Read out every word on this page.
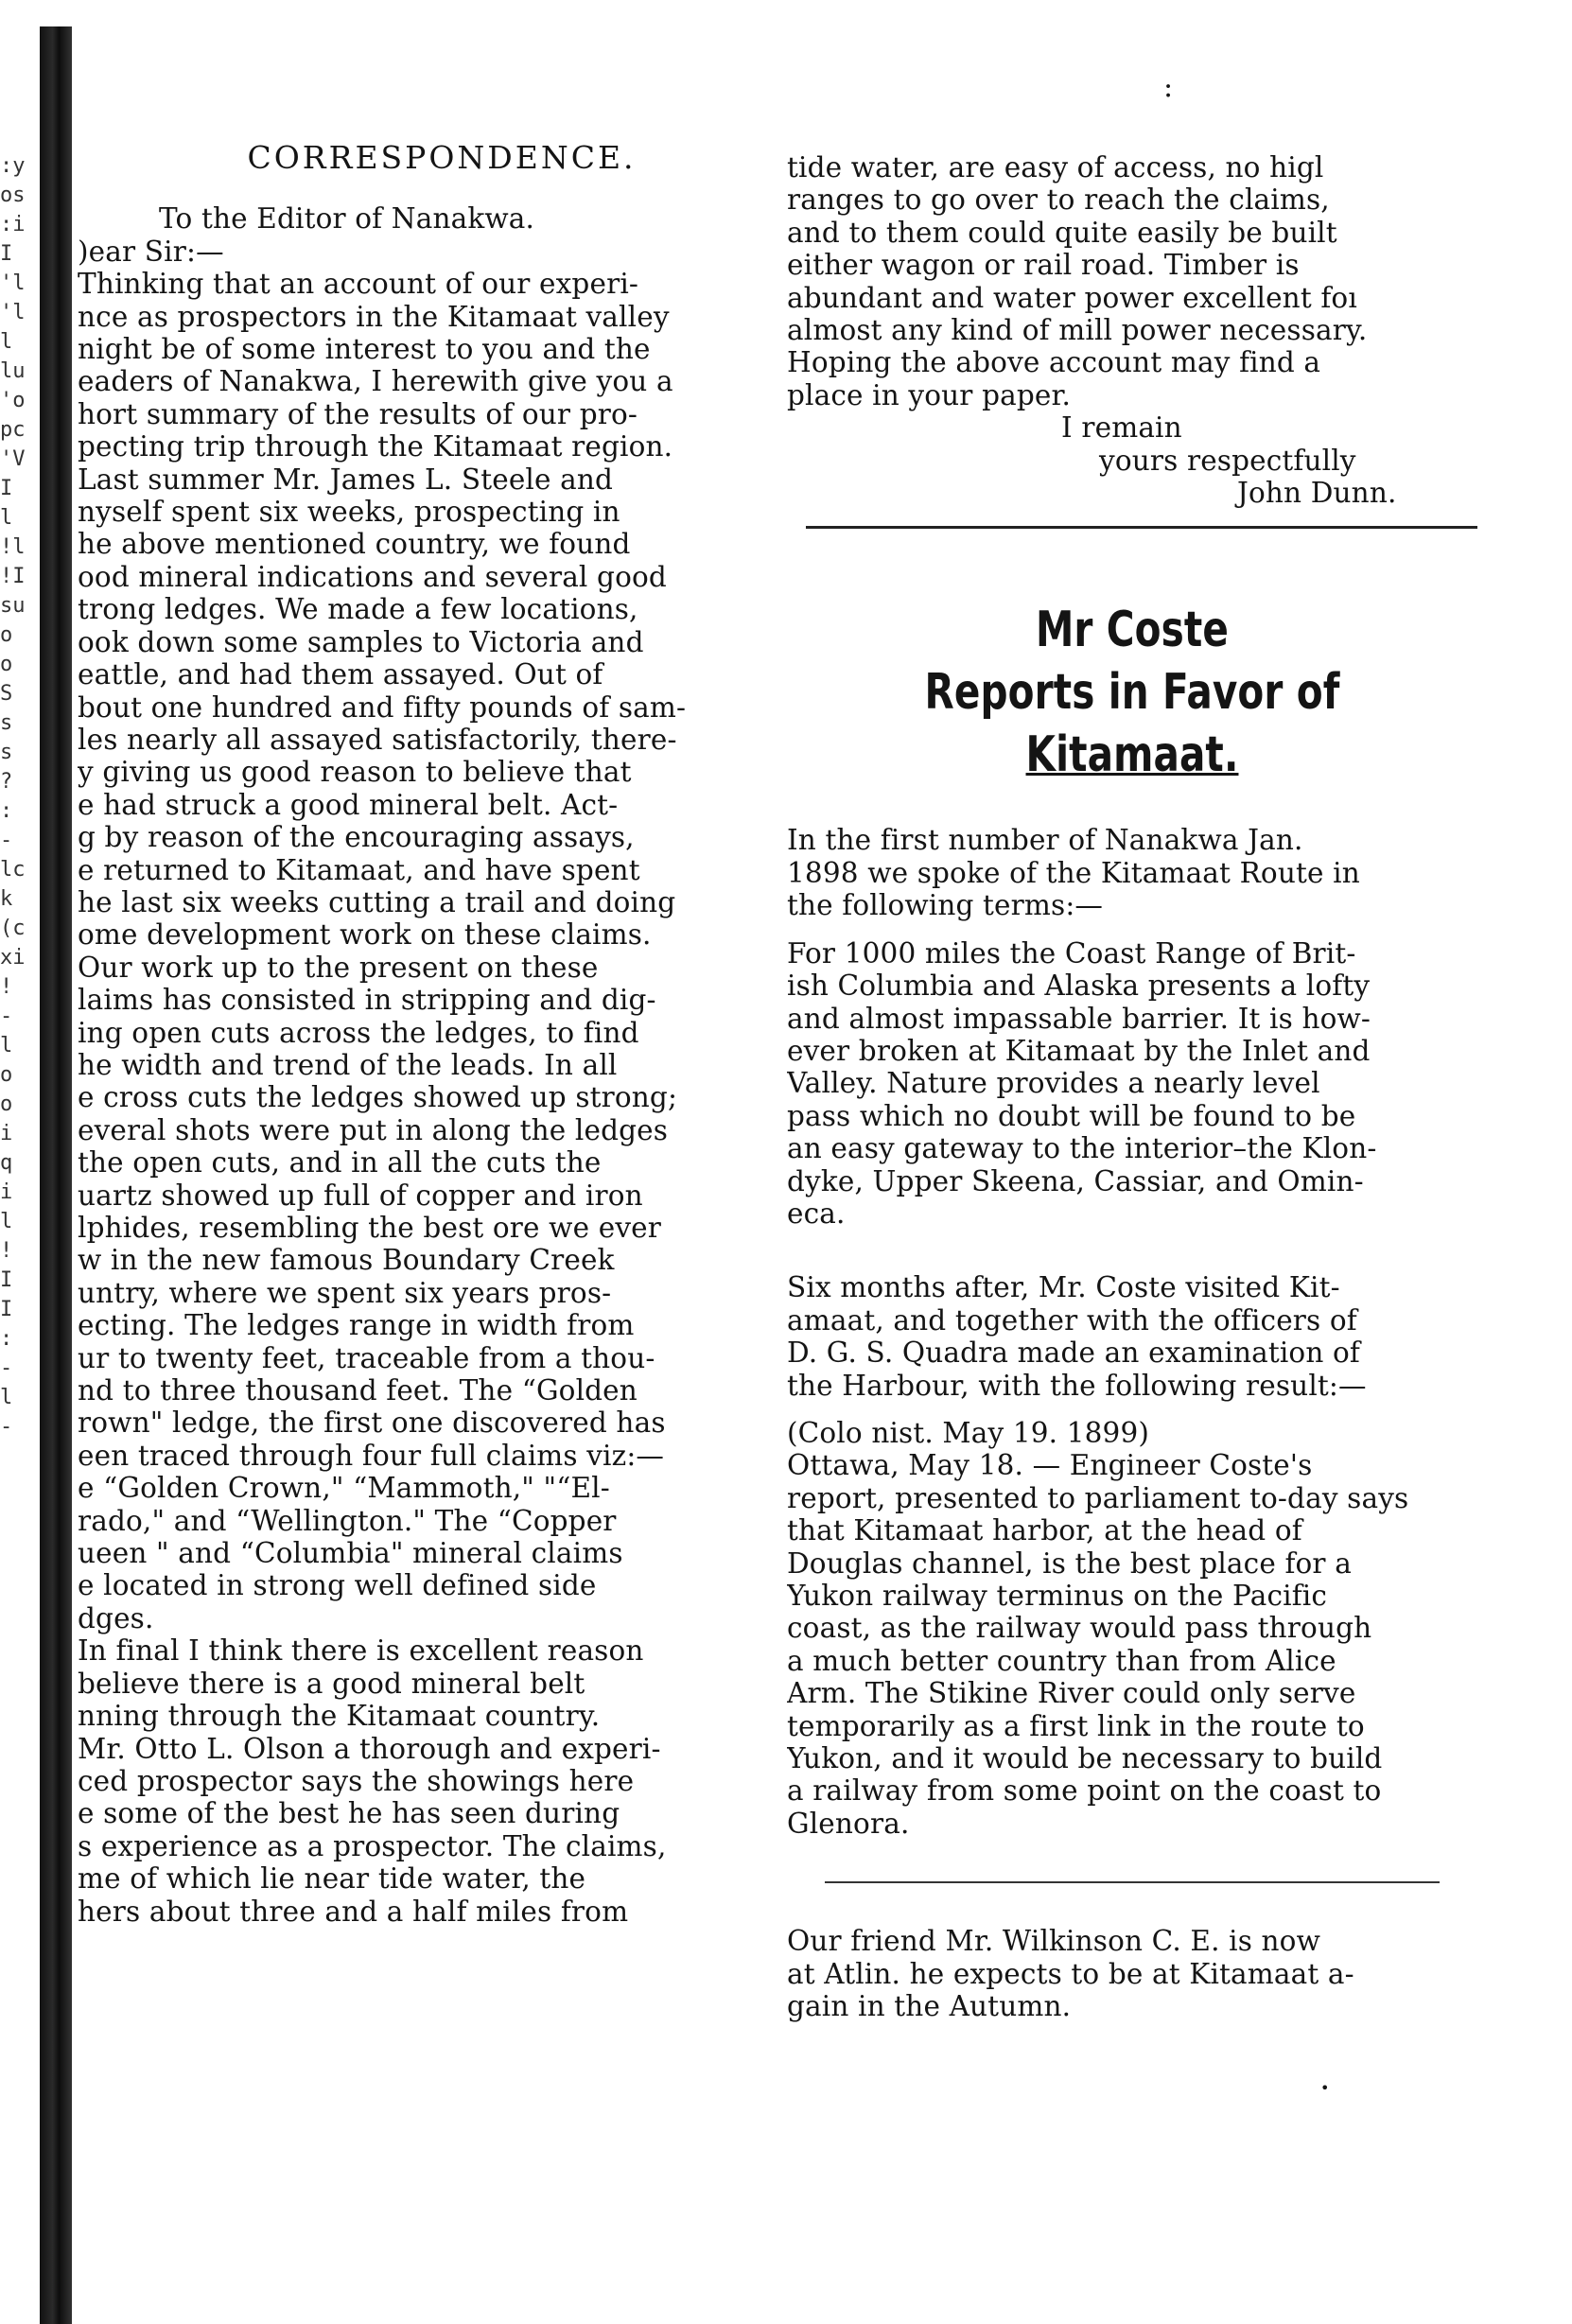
:
•
:y
os
:i
I
'l
'l
l
lu
'o
pc
'V
I
l
!l
!I
su
o
o
S
s
s
?
:
-
lc
k
(c
xi
!
-
l
o
o
i
q
i
l
!
I
I
:
-
l
-
CORRESPONDENCE.

To the Editor of Nanakwa.

)ear Sir:—

Thinking that an account of our experi-
nce as prospectors in the Kitamaat valley
night be of some interest to you and the
eaders of Nanakwa, I herewith give you a
hort summary of the results of our pro-
pecting trip through the Kitamaat region.
Last summer Mr. James L. Steele and
nyself spent six weeks, prospecting in
he above mentioned country, we found
ood mineral indications and several good
trong ledges. We made a few locations,
ook down some samples to Victoria and
eattle, and had them assayed. Out of
bout one hundred and fifty pounds of sam-
les nearly all assayed satisfactorily, there-
y giving us good reason to believe that
e had struck a good mineral belt. Act-
g by reason of the encouraging assays,
e returned to Kitamaat, and have spent
he last six weeks cutting a trail and doing
ome development work on these claims.
Our work up to the present on these
laims has consisted in stripping and dig-
ing open cuts across the ledges, to find
he width and trend of the leads. In all
e cross cuts the ledges showed up strong;
everal shots were put in along the ledges
the open cuts, and in all the cuts the
uartz showed up full of copper and iron
lphides, resembling the best ore we ever
w in the new famous Boundary Creek
untry, where we spent six years pros-
ecting. The ledges range in width from
ur to twenty feet, traceable from a thou-
nd to three thousand feet. The “Golden
rown" ledge, the first one discovered has
een traced through four full claims viz:—
e “Golden Crown," “Mammoth," "“El-
rado," and “Wellington." The “Copper
ueen " and “Columbia" mineral claims
e located in strong well defined side
dges.
In final I think there is excellent reason
believe there is a good mineral belt
nning through the Kitamaat country.
Mr. Otto L. Olson a thorough and experi-
ced prospector says the showings here
e some of the best he has seen during
s experience as a prospector. The claims,
me of which lie near tide water, the
hers about three and a half miles from

tide water, are easy of access, no higl
ranges to go over to reach the claims,
and to them could quite easily be built
either wagon or rail road. Timber is
abundant and water power excellent foı
almost any kind of mill power necessary.
Hoping the above account may find a
place in your paper.

I remain

yours respectfully

John Dunn.

Mr Coste
Reports in Favor of
Kitamaat.

In the first number of Nanakwa Jan.
1898 we spoke of the Kitamaat Route in
the following terms:—

For 1000 miles the Coast Range of Brit-
ish Columbia and Alaska presents a lofty
and almost impassable barrier. It is how-
ever broken at Kitamaat by the Inlet and
Valley. Nature provides a nearly level
pass which no doubt will be found to be
an easy gateway to the interior–the Klon-
dyke, Upper Skeena, Cassiar, and Omin-
eca.

Six months after, Mr. Coste visited Kit-
amaat, and together with the officers of
D. G. S. Quadra made an examination of
the Harbour, with the following result:—

(Colo nist. May 19. 1899)

Ottawa, May 18. — Engineer Coste's
report, presented to parliament to-day says
that Kitamaat harbor, at the head of
Douglas channel, is the best place for a
Yukon railway terminus on the Pacific
coast, as the railway would pass through
a much better country than from Alice
Arm. The Stikine River could only serve
temporarily as a first link in the route to
Yukon, and it would be necessary to build
a railway from some point on the coast to
Glenora.

Our friend Mr. Wilkinson C. E. is now
at Atlin. he expects to be at Kitamaat a-
gain in the Autumn.
